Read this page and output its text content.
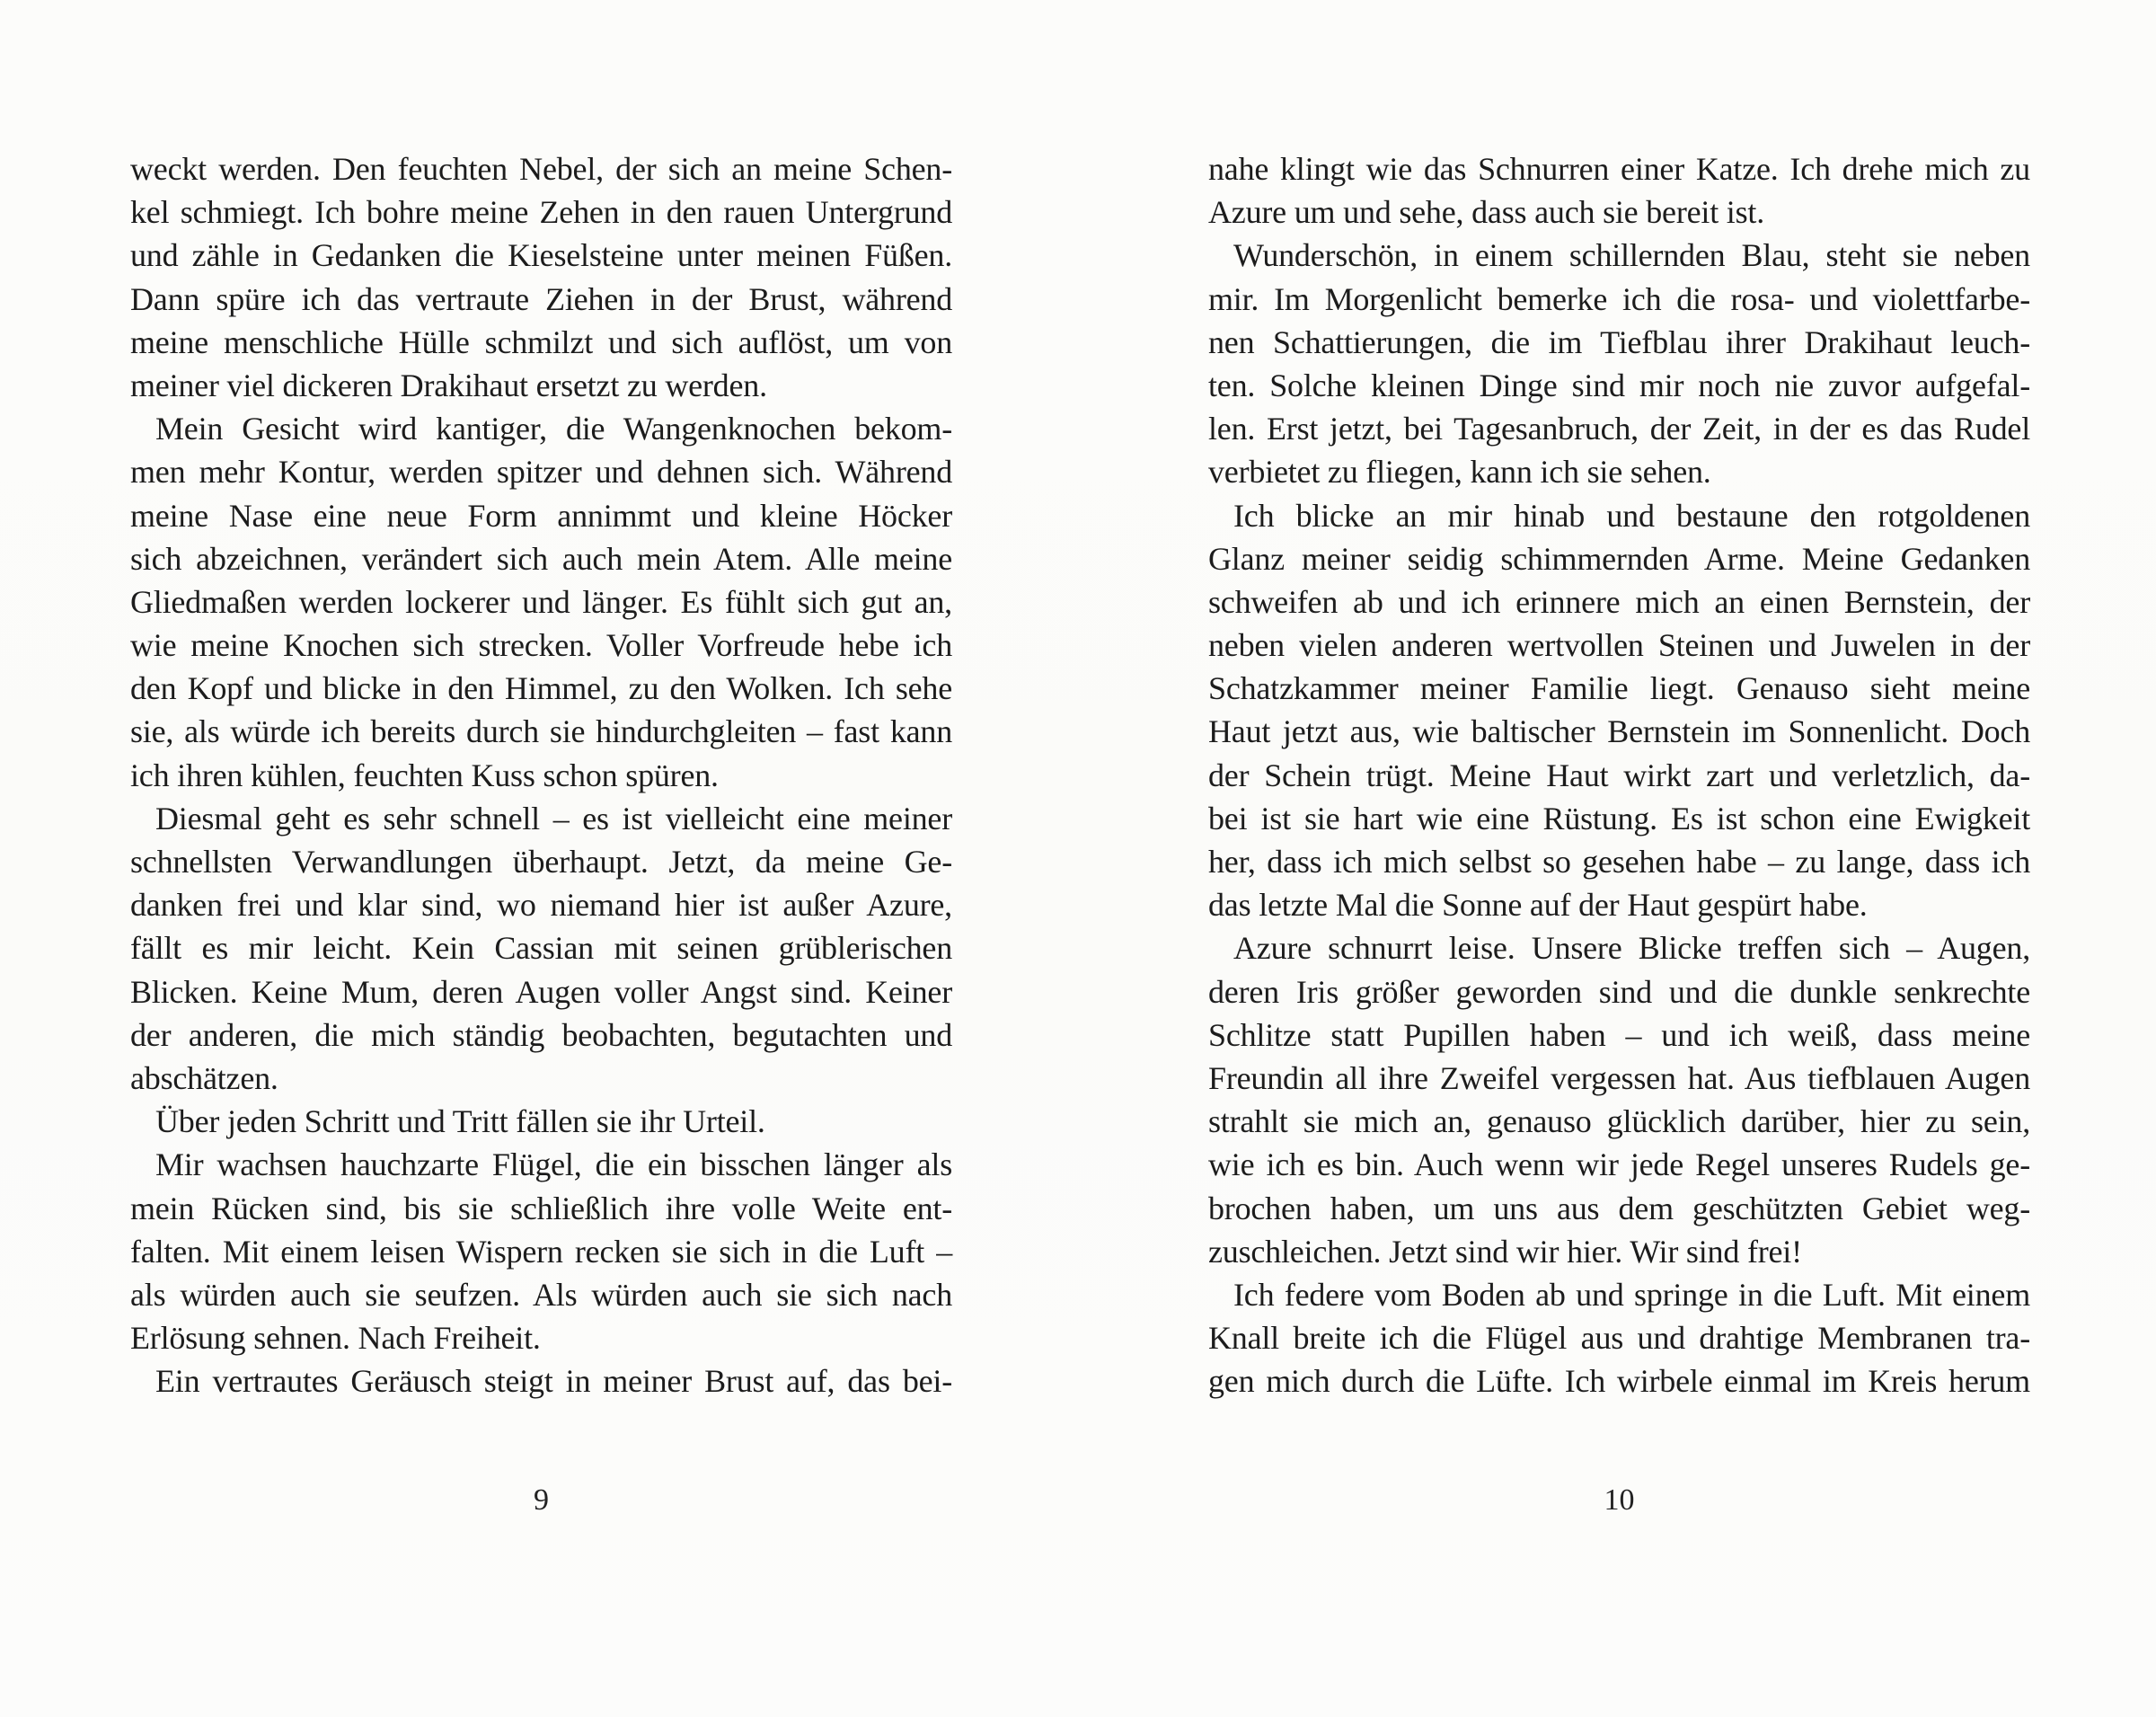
weckt werden. Den feuchten Nebel, der sich an meine Schen-
kel schmiegt. Ich bohre meine Zehen in den rauen Untergrund
und zähle in Gedanken die Kieselsteine unter meinen Füßen.
Dann spüre ich das vertraute Ziehen in der Brust, während
meine menschliche Hülle schmilzt und sich auflöst, um von
meiner viel dickeren Drakihaut ersetzt zu werden.
Mein Gesicht wird kantiger, die Wangenknochen bekom-
men mehr Kontur, werden spitzer und dehnen sich. Während
meine Nase eine neue Form annimmt und kleine Höcker
sich abzeichnen, verändert sich auch mein Atem. Alle meine
Gliedmaßen werden lockerer und länger. Es fühlt sich gut an,
wie meine Knochen sich strecken. Voller Vorfreude hebe ich
den Kopf und blicke in den Himmel, zu den Wolken. Ich sehe
sie, als würde ich bereits durch sie hindurchgleiten – fast kann
ich ihren kühlen, feuchten Kuss schon spüren.
Diesmal geht es sehr schnell – es ist vielleicht eine meiner
schnellsten Verwandlungen überhaupt. Jetzt, da meine Ge-
danken frei und klar sind, wo niemand hier ist außer Azure,
fällt es mir leicht. Kein Cassian mit seinen grüblerischen
Blicken. Keine Mum, deren Augen voller Angst sind. Keiner
der anderen, die mich ständig beobachten, begutachten und
abschätzen.
Über jeden Schritt und Tritt fällen sie ihr Urteil.
Mir wachsen hauchzarte Flügel, die ein bisschen länger als
mein Rücken sind, bis sie schließlich ihre volle Weite ent-
falten. Mit einem leisen Wispern recken sie sich in die Luft –
als würden auch sie seufzen. Als würden auch sie sich nach
Erlösung sehnen. Nach Freiheit.
Ein vertrautes Geräusch steigt in meiner Brust auf, das bei-
9
nahe klingt wie das Schnurren einer Katze. Ich drehe mich zu
Azure um und sehe, dass auch sie bereit ist.
Wunderschön, in einem schillernden Blau, steht sie neben
mir. Im Morgenlicht bemerke ich die rosa- und violettfarbe-
nen Schattierungen, die im Tiefblau ihrer Drakihaut leuch-
ten. Solche kleinen Dinge sind mir noch nie zuvor aufgefal-
len. Erst jetzt, bei Tagesanbruch, der Zeit, in der es das Rudel
verbietet zu fliegen, kann ich sie sehen.
Ich blicke an mir hinab und bestaune den rotgoldenen
Glanz meiner seidig schimmernden Arme. Meine Gedanken
schweifen ab und ich erinnere mich an einen Bernstein, der
neben vielen anderen wertvollen Steinen und Juwelen in der
Schatzkammer meiner Familie liegt. Genauso sieht meine
Haut jetzt aus, wie baltischer Bernstein im Sonnenlicht. Doch
der Schein trügt. Meine Haut wirkt zart und verletzlich, da-
bei ist sie hart wie eine Rüstung. Es ist schon eine Ewigkeit
her, dass ich mich selbst so gesehen habe – zu lange, dass ich
das letzte Mal die Sonne auf der Haut gespürt habe.
Azure schnurrt leise. Unsere Blicke treffen sich – Augen,
deren Iris größer geworden sind und die dunkle senkrechte
Schlitze statt Pupillen haben – und ich weiß, dass meine
Freundin all ihre Zweifel vergessen hat. Aus tiefblauen Augen
strahlt sie mich an, genauso glücklich darüber, hier zu sein,
wie ich es bin. Auch wenn wir jede Regel unseres Rudels ge-
brochen haben, um uns aus dem geschützten Gebiet weg-
zuschleichen. Jetzt sind wir hier. Wir sind frei!
Ich federe vom Boden ab und springe in die Luft. Mit einem
Knall breite ich die Flügel aus und drahtige Membranen tra-
gen mich durch die Lüfte. Ich wirbele einmal im Kreis herum
10
